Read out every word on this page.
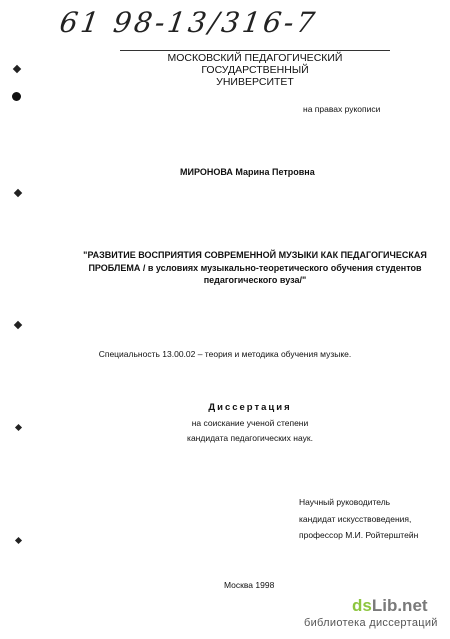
61 98-13/316-7
МОСКОВСКИЙ ПЕДАГОГИЧЕСКИЙ ГОСУДАРСТВЕННЫЙ
УНИВЕРСИТЕТ
на правах рукописи
МИРОНОВА Марина Петровна
"РАЗВИТИЕ ВОСПРИЯТИЯ СОВРЕМЕННОЙ МУЗЫКИ КАК ПЕДАГОГИЧЕСКАЯ
ПРОБЛЕМА / в условиях музыкально-теоретического обучения студентов
педагогического вуза/"
Специальность 13.00.02 – теория и методика обучения музыке.
Диссертация
на соискание ученой степени
кандидата педагогических наук.
Научный руководитель
кандидат искусствоведения,
профессор М.И. Ройтерштейн
Москва 1998
dsLib.net
библиотека диссертаций
